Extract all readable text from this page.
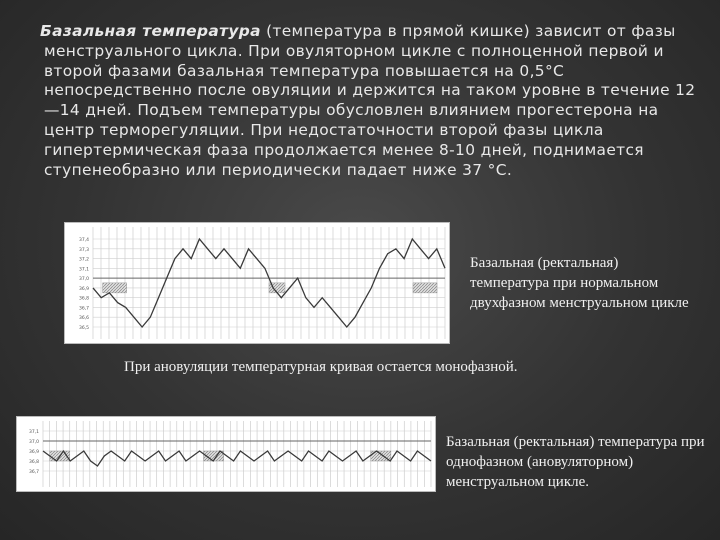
Базальная температура (температура в прямой кишке) зависит от фазы менструального цикла. При овуляторном цикле с полноценной первой и второй фазами базальная температура повышается на 0,5°С непосредственно после овуляции и держится на таком уровне в течение 12—14 дней. Подъем температуры обусловлен влиянием прогестерона на центр терморегуляции. При недостаточности второй фазы цикла гипертермическая фаза продолжается менее 8-10 дней, поднимается ступенеобразно или периодически падает ниже 37 °С.
37,4
37,3
37,2
37,1
37,0
36,9
36,8
36,7
36,6
36,5
Базальная (ректальная)
температура при нормальном
двухфазном менструальном цикле
При ановуляции температурная кривая остается монофазной.
37,1
37,0
36,9
36,8
36,7
Базальная (ректальная) температура при однофазном (ановуляторном) менструальном цикле.
